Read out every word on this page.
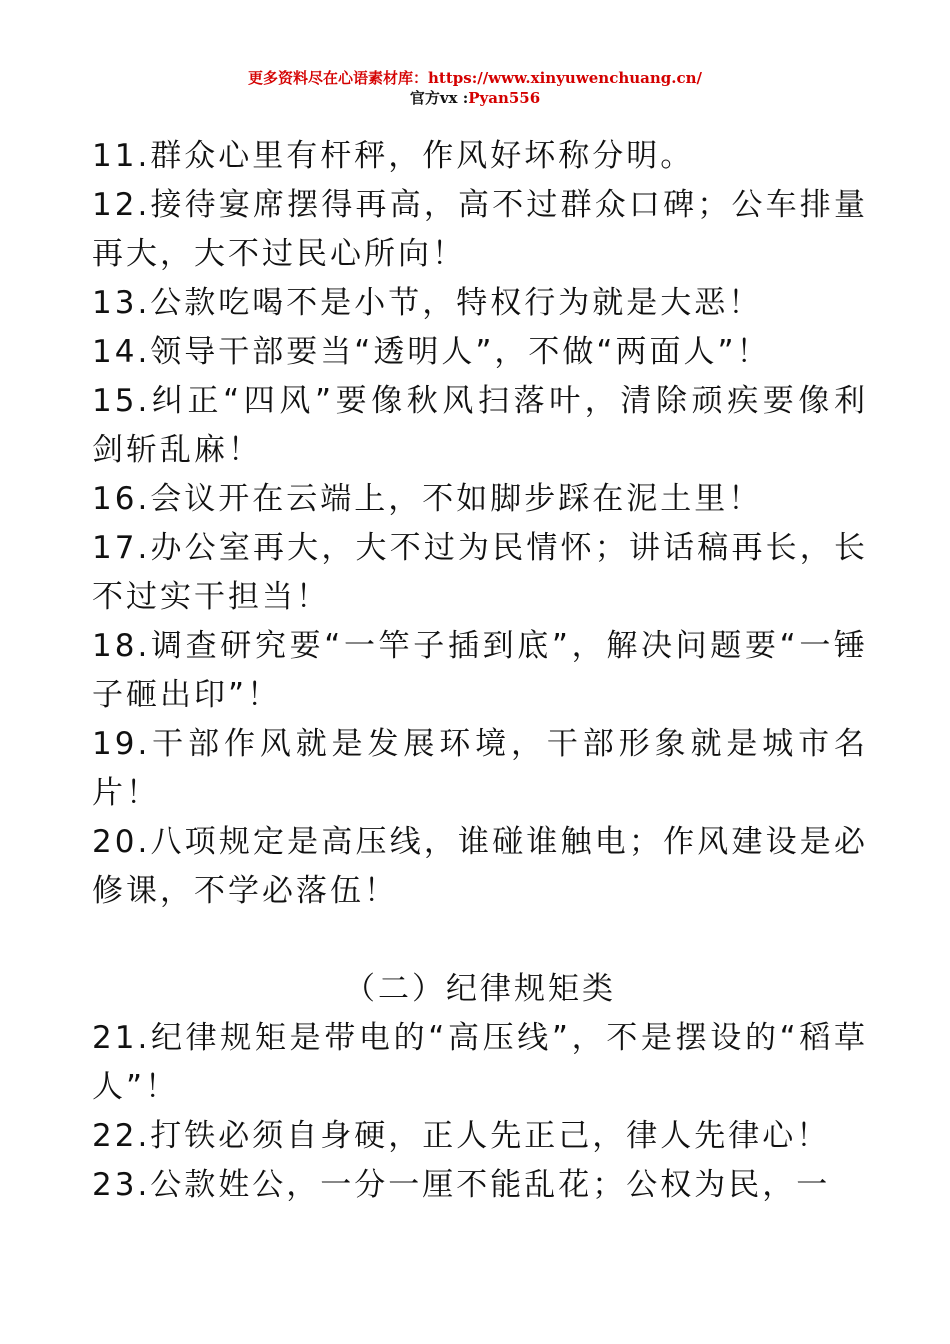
更多资料尽在心语素材库：https://www.xinyuwenchuang.cn/
官方vx :Pyan556

11.群众心里有杆秤，作风好坏称分明。

12.接待宴席摆得再高，高不过群众口碑；公车排量再大，大不过民心所向！

13.公款吃喝不是小节，特权行为就是大恶！

14.领导干部要当“透明人”，不做“两面人”！

15.纠正“四风”要像秋风扫落叶，清除顽疾要像利剑斩乱麻！

16.会议开在云端上，不如脚步踩在泥土里！

17.办公室再大，大不过为民情怀；讲话稿再长，长不过实干担当！

18.调查研究要“一竿子插到底”，解决问题要“一锤子砸出印”！

19.干部作风就是发展环境，干部形象就是城市名片！

20.八项规定是高压线，谁碰谁触电；作风建设是必修课，不学必落伍！

（二）纪律规矩类

21.纪律规矩是带电的“高压线”，不是摆设的“稻草人”！

22.打铁必须自身硬，正人先正己，律人先律心！

23.公款姓公，一分一厘不能乱花；公权为民，一
